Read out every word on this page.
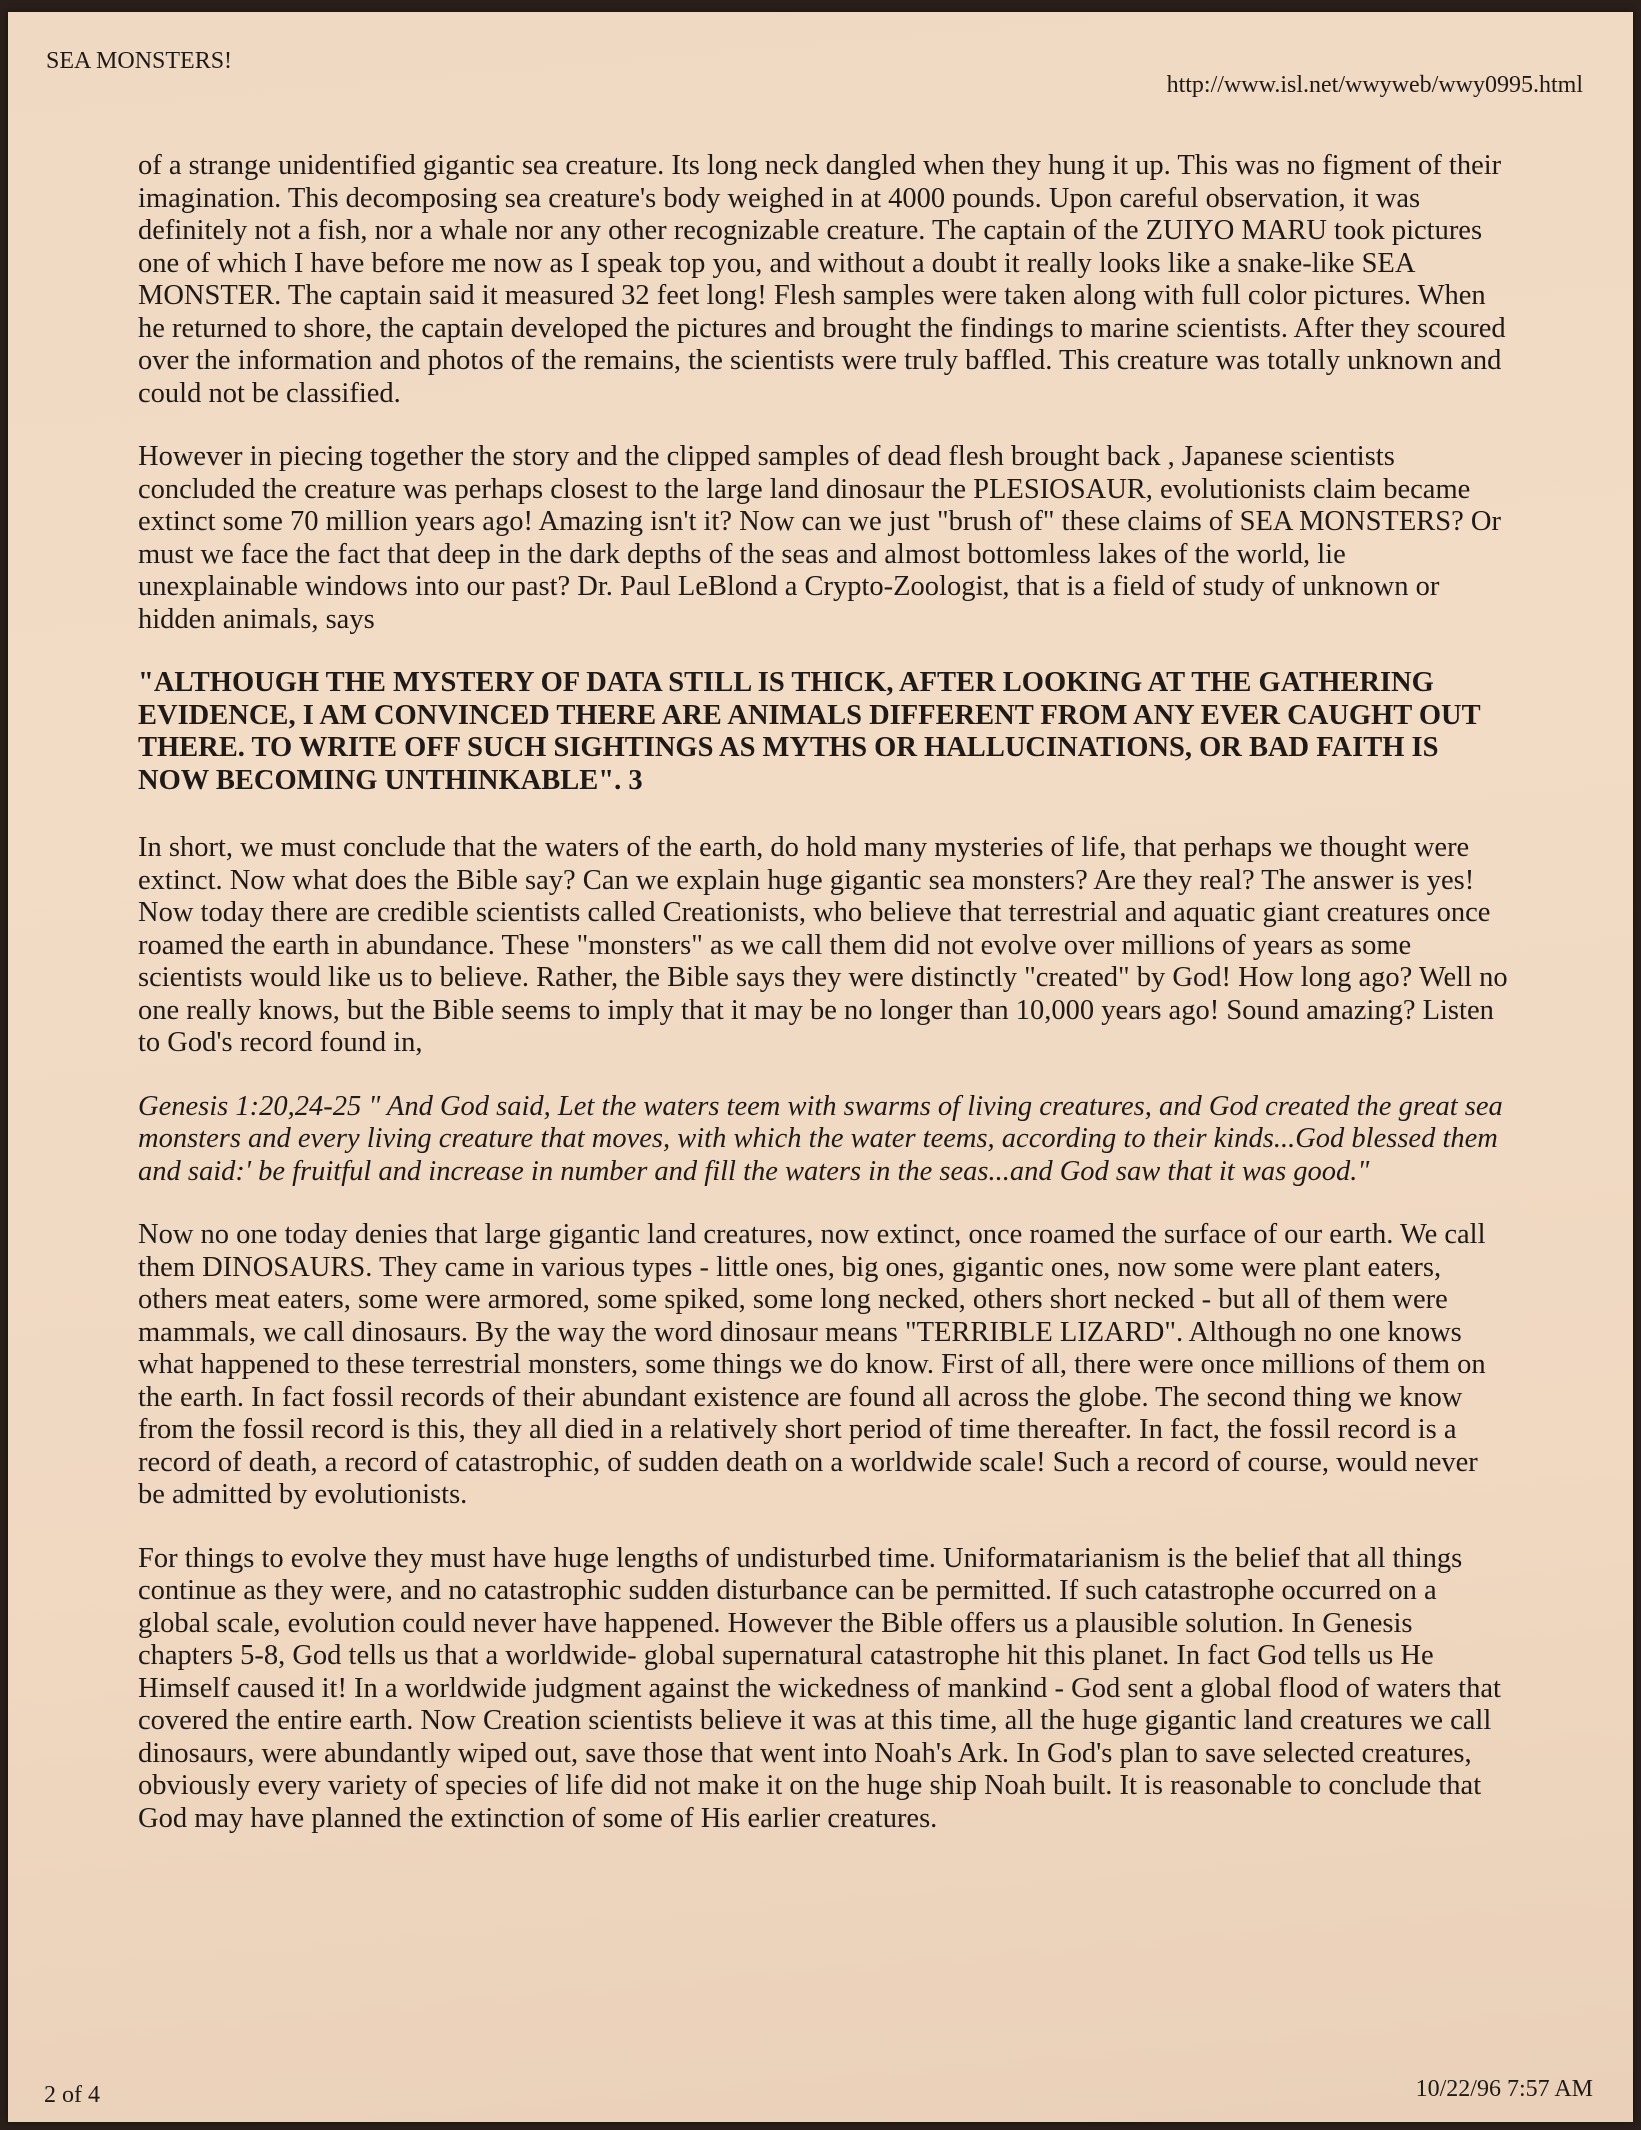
SEA MONSTERS!
http://www.isl.net/wwyweb/wwy0995.html

of a strange unidentified gigantic sea creature. Its long neck dangled when they hung it up. This was no figment of their imagination. This decomposing sea creature's body weighed in at 4000 pounds. Upon careful observation, it was definitely not a fish, nor a whale nor any other recognizable creature. The captain of the ZUIYO MARU took pictures one of which I have before me now as I speak top you, and without a doubt it really looks like a snake-like SEA MONSTER. The captain said it measured 32 feet long! Flesh samples were taken along with full color pictures. When he returned to shore, the captain developed the pictures and brought the findings to marine scientists. After they scoured over the information and photos of the remains, the scientists were truly baffled. This creature was totally unknown and could not be classified.

However in piecing together the story and the clipped samples of dead flesh brought back , Japanese scientists concluded the creature was perhaps closest to the large land dinosaur the PLESIOSAUR, evolutionists claim became extinct some 70 million years ago! Amazing isn't it? Now can we just "brush of" these claims of SEA MONSTERS? Or must we face the fact that deep in the dark depths of the seas and almost bottomless lakes of the world, lie unexplainable windows into our past? Dr. Paul LeBlond a Crypto-Zoologist, that is a field of study of unknown or hidden animals, says

"ALTHOUGH THE MYSTERY OF DATA STILL IS THICK, AFTER LOOKING AT THE GATHERING EVIDENCE, I AM CONVINCED THERE ARE ANIMALS DIFFERENT FROM ANY EVER CAUGHT OUT THERE. TO WRITE OFF SUCH SIGHTINGS AS MYTHS OR HALLUCINATIONS, OR BAD FAITH IS NOW BECOMING UNTHINKABLE". 3

In short, we must conclude that the waters of the earth, do hold many mysteries of life, that perhaps we thought were extinct. Now what does the Bible say? Can we explain huge gigantic sea monsters? Are they real? The answer is yes! Now today there are credible scientists called Creationists, who believe that terrestrial and aquatic giant creatures once roamed the earth in abundance. These "monsters" as we call them did not evolve over millions of years as some scientists would like us to believe. Rather, the Bible says they were distinctly "created" by God! How long ago? Well no one really knows, but the Bible seems to imply that it may be no longer than 10,000 years ago! Sound amazing? Listen to God's record found in,

Genesis 1:20,24-25 " And God said, Let the waters teem with swarms of living creatures, and God created the great sea monsters and every living creature that moves, with which the water teems, according to their kinds...God blessed them and said:' be fruitful and increase in number and fill the waters in the seas...and God saw that it was good."

Now no one today denies that large gigantic land creatures, now extinct, once roamed the surface of our earth. We call them DINOSAURS. They came in various types - little ones, big ones, gigantic ones, now some were plant eaters, others meat eaters, some were armored, some spiked, some long necked, others short necked - but all of them were mammals, we call dinosaurs. By the way the word dinosaur means "TERRIBLE LIZARD". Although no one knows what happened to these terrestrial monsters, some things we do know. First of all, there were once millions of them on the earth. In fact fossil records of their abundant existence are found all across the globe. The second thing we know from the fossil record is this, they all died in a relatively short period of time thereafter. In fact, the fossil record is a record of death, a record of catastrophic, of sudden death on a worldwide scale! Such a record of course, would never be admitted by evolutionists.

For things to evolve they must have huge lengths of undisturbed time. Uniformatarianism is the belief that all things continue as they were, and no catastrophic sudden disturbance can be permitted. If such catastrophe occurred on a global scale, evolution could never have happened. However the Bible offers us a plausible solution. In Genesis chapters 5-8, God tells us that a worldwide- global supernatural catastrophe hit this planet. In fact God tells us He Himself caused it! In a worldwide judgment against the wickedness of mankind - God sent a global flood of waters that covered the entire earth. Now Creation scientists believe it was at this time, all the huge gigantic land creatures we call dinosaurs, were abundantly wiped out, save those that went into Noah's Ark. In God's plan to save selected creatures, obviously every variety of species of life did not make it on the huge ship Noah built. It is reasonable to conclude that God may have planned the extinction of some of His earlier creatures.

2 of 4	10/22/96 7:57 AM
